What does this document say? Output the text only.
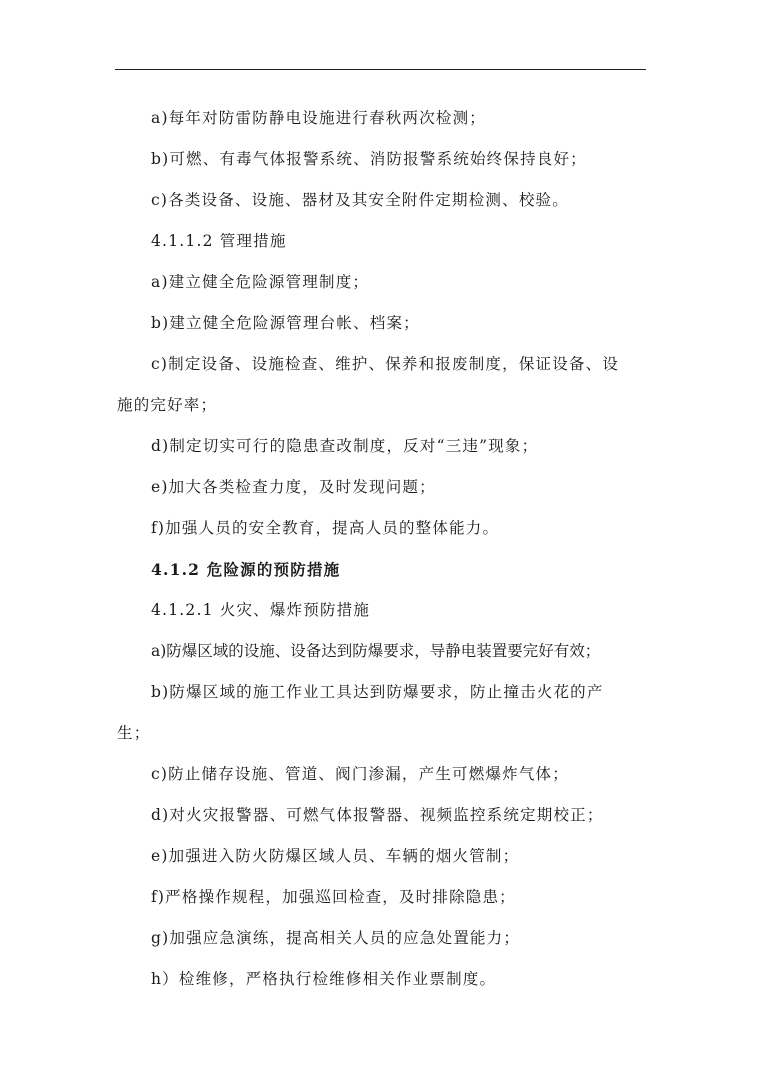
a)每年对防雷防静电设施进行春秋两次检测；
b)可燃、有毒气体报警系统、消防报警系统始终保持良好；
c)各类设备、设施、器材及其安全附件定期检测、校验。
4.1.1.2 管理措施
a)建立健全危险源管理制度；
b)建立健全危险源管理台帐、档案；
c)制定设备、设施检查、维护、保养和报废制度，保证设备、设
施的完好率；
d)制定切实可行的隐患查改制度，反对“三违”现象；
e)加大各类检查力度，及时发现问题；
f)加强人员的安全教育，提高人员的整体能力。
4.1.2 危险源的预防措施
4.1.2.1 火灾、爆炸预防措施
a)防爆区域的设施、设备达到防爆要求，导静电装置要完好有效；
b)防爆区域的施工作业工具达到防爆要求，防止撞击火花的产
生；
c)防止储存设施、管道、阀门渗漏，产生可燃爆炸气体；
d)对火灾报警器、可燃气体报警器、视频监控系统定期校正；
e)加强进入防火防爆区域人员、车辆的烟火管制；
f)严格操作规程，加强巡回检查，及时排除隐患；
g)加强应急演练，提高相关人员的应急处置能力；
h）检维修，严格执行检维修相关作业票制度。
